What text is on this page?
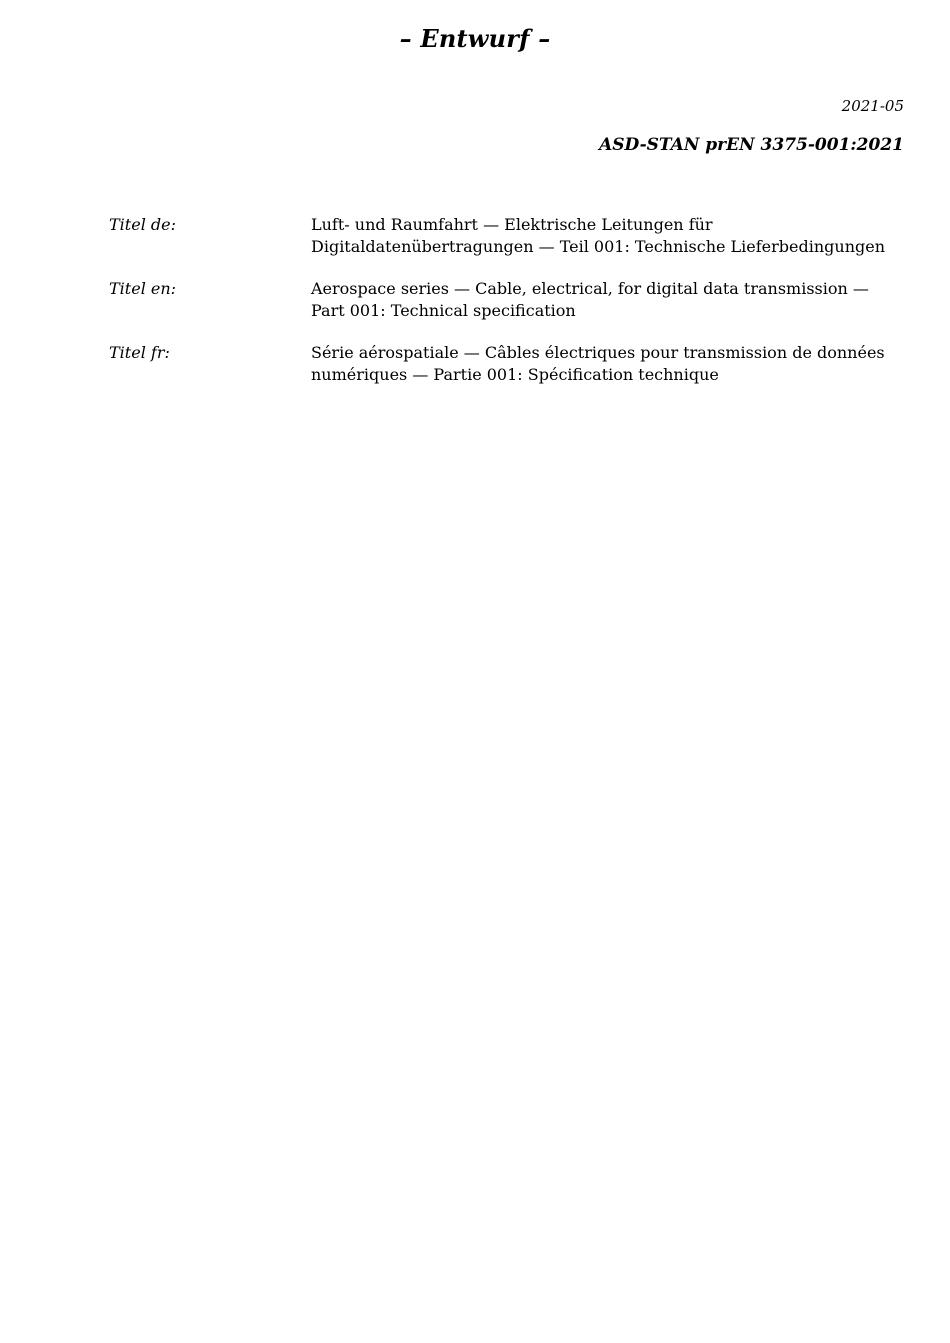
– Entwurf –
2021-05
ASD-STAN prEN 3375-001:2021
Titel de:	Luft- und Raumfahrt — Elektrische Leitungen für
Digitaldatenübertragungen — Teil 001: Technische Lieferbedingungen
Titel en:	Aerospace series — Cable, electrical, for digital data transmission —
Part 001: Technical specification
Titel fr:	Série aérospatiale — Câbles électriques pour transmission de données
numériques — Partie 001: Spécification technique
